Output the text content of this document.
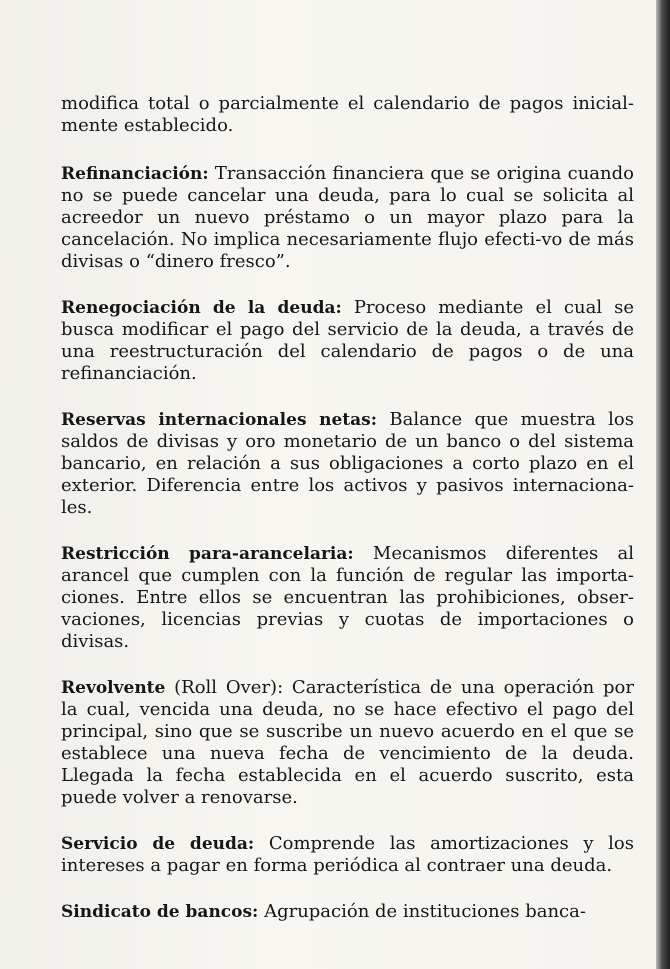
modifica total o parcialmente el calendario de pagos inicial-mente establecido.

Refinanciación: Transacción financiera que se origina cuando no se puede cancelar una deuda, para lo cual se solicita al acreedor un nuevo préstamo o un mayor plazo para la cancelación. No implica necesariamente flujo efecti-vo de más divisas o “dinero fresco”.

Renegociación de la deuda: Proceso mediante el cual se busca modificar el pago del servicio de la deuda, a través de una reestructuración del calendario de pagos o de una refinanciación.

Reservas internacionales netas: Balance que muestra los saldos de divisas y oro monetario de un banco o del sistema bancario, en relación a sus obligaciones a corto plazo en el exterior. Diferencia entre los activos y pasivos internaciona-les.

Restricción para-arancelaria: Mecanismos diferentes al arancel que cumplen con la función de regular las importa-ciones. Entre ellos se encuentran las prohibiciones, obser-vaciones, licencias previas y cuotas de importaciones o divisas.

Revolvente (Roll Over): Característica de una operación por la cual, vencida una deuda, no se hace efectivo el pago del principal, sino que se suscribe un nuevo acuerdo en el que se establece una nueva fecha de vencimiento de la deuda. Llegada la fecha establecida en el acuerdo suscrito, esta puede volver a renovarse.

Servicio de deuda: Comprende las amortizaciones y los intereses a pagar en forma periódica al contraer una deuda.

Sindicato de bancos: Agrupación de instituciones banca-
